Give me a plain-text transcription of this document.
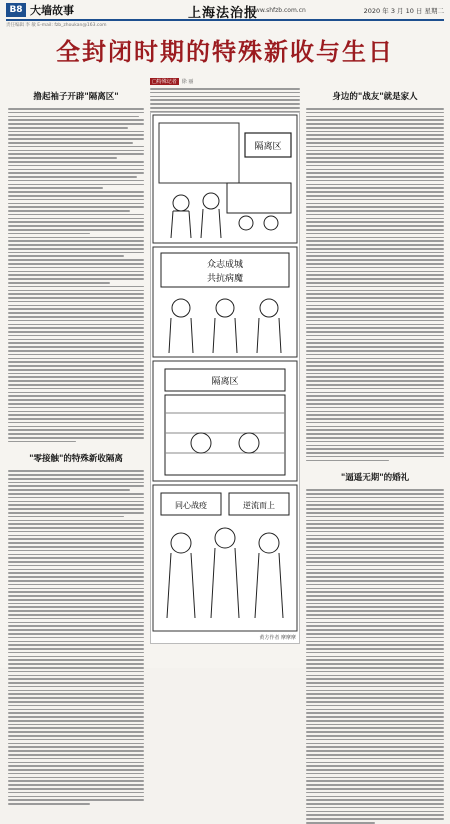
B8 大墙故事	上海法治报
www.shfzb.com.cn	2020 年 3 月 10 日 星期二
责任编辑 李 敏 E-mail: fzb_zhoukan@163.com
全封闭时期的特殊新收与生日
撸起袖子开辟"隔离区"
"零接触"的特殊新收隔离
□特殊记者	徐 丽
隔离区
众志成城
共抗病魔
隔离区
同心战疫	逆流而上
黄方作者 摩摩摩
身边的"战友"就是家人
"逼遥无期"的婚礼
